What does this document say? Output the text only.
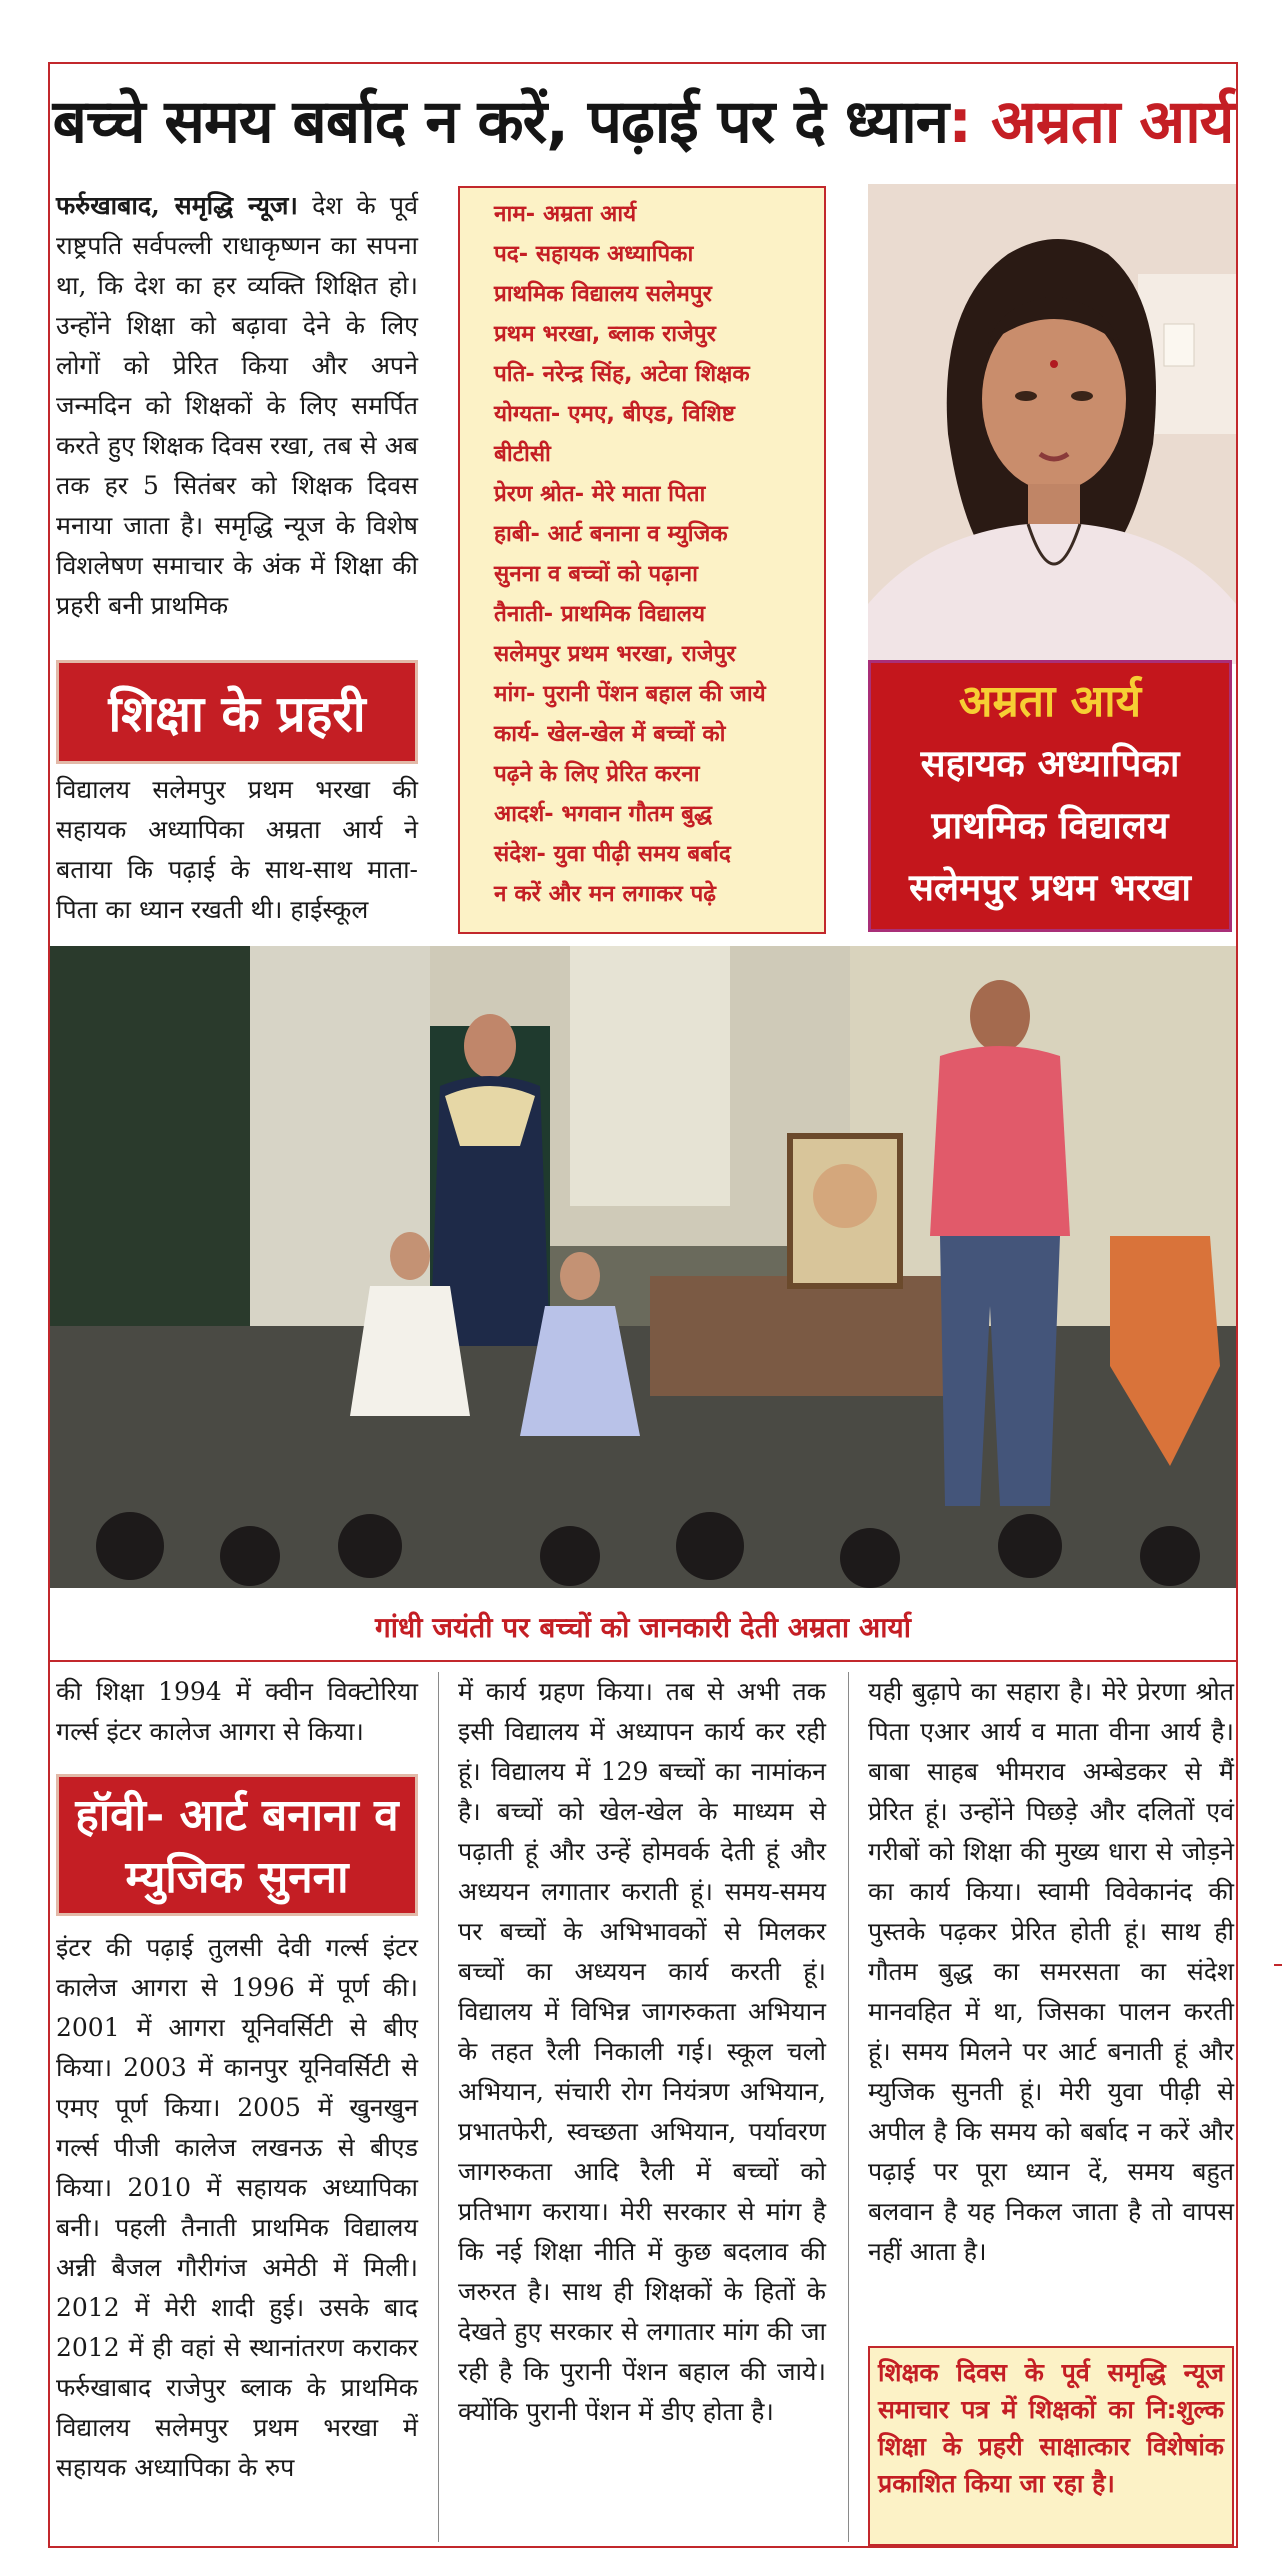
बच्चे समय बर्बाद न करें, पढ़ाई पर दे ध्यान: अम्रता आर्य

फर्रुखाबाद, समृद्धि न्यूज। देश के पूर्व राष्ट्रपति सर्वपल्ली राधाकृष्णन का सपना था, कि देश का हर व्यक्ति शिक्षित हो। उन्होंने शिक्षा को बढ़ावा देने के लिए लोगों को प्रेरित किया और अपने जन्मदिन को शिक्षकों के लिए समर्पित करते हुए शिक्षक दिवस रखा, तब से अब तक हर 5 सितंबर को शिक्षक दिवस मनाया जाता है। समृद्धि न्यूज के विशेष विशलेषण समाचार के अंक में शिक्षा की प्रहरी बनी प्राथमिक

शिक्षा के प्रहरी

विद्यालय सलेमपुर प्रथम भरखा की सहायक अध्यापिका अम्रता आर्य ने बताया कि पढ़ाई के साथ-साथ माता-पिता का ध्यान रखती थी। हाईस्कूल

नाम- अम्रता आर्य
पद- सहायक अध्यापिका
प्राथमिक विद्यालय सलेमपुर
प्रथम भरखा, ब्लाक राजेपुर
पति- नरेन्द्र सिंह, अटेवा शिक्षक
योग्यता- एमए, बीएड, विशिष्ट
बीटीसी
प्रेरण श्रोत- मेरे माता पिता
हाबी- आर्ट बनाना व म्युजिक
सुनना व बच्चों को पढ़ाना
तैनाती- प्राथमिक विद्यालय
सलेमपुर प्रथम भरखा, राजेपुर
मांग- पुरानी पेंशन बहाल की जाये
कार्य- खेल-खेल में बच्चों को
पढ़ने के लिए प्रेरित करना
आदर्श- भगवान गौतम बुद्ध
संदेश- युवा पीढ़ी समय बर्बाद
न करें और मन लगाकर पढ़े
अम्रता आर्य
सहायक अध्यापिका
प्राथमिक विद्यालय
सलेमपुर प्रथम भरखा
गांधी जयंती पर बच्चों को जानकारी देती अम्रता आर्या

की शिक्षा 1994 में क्वीन विक्टोरिया गर्ल्स इंटर कालेज आगरा से किया।

हॉवी- आर्ट बनाना व
म्युजिक सुनना

इंटर की पढ़ाई तुलसी देवी गर्ल्स इंटर कालेज आगरा से 1996 में पूर्ण की। 2001 में आगरा यूनिवर्सिटी से बीए किया। 2003 में कानपुर यूनिवर्सिटी से एमए पूर्ण किया। 2005 में खुनखुन गर्ल्स पीजी कालेज लखनऊ से बीएड किया। 2010 में सहायक अध्यापिका बनी। पहली तैनाती प्राथमिक विद्यालय अन्नी बैजल गौरीगंज अमेठी में मिली। 2012 में मेरी शादी हुई। उसके बाद 2012 में ही वहां से स्थानांतरण कराकर फर्रुखाबाद राजेपुर ब्लाक के प्राथमिक विद्यालय सलेमपुर प्रथम भरखा में सहायक अध्यापिका के रुप

में कार्य ग्रहण किया। तब से अभी तक इसी विद्यालय में अध्यापन कार्य कर रही हूं। विद्यालय में 129 बच्चों का नामांकन है। बच्चों को खेल-खेल के माध्यम से पढ़ाती हूं और उन्हें होमवर्क देती हूं और अध्ययन लगातार कराती हूं। समय-समय पर बच्चों के अभिभावकों से मिलकर बच्चों का अध्ययन कार्य करती हूं। विद्यालय में विभिन्न जागरुकता अभियान के तहत रैली निकाली गई। स्कूल चलो अभियान, संचारी रोग नियंत्रण अभियान, प्रभातफेरी, स्वच्छता अभियान, पर्यावरण जागरुकता आदि रैली में बच्चों को प्रतिभाग कराया। मेरी सरकार से मांग है कि नई शिक्षा नीति में कुछ बदलाव की जरुरत है। साथ ही शिक्षकों के हितों के देखते हुए सरकार से लगातार मांग की जा रही है कि पुरानी पेंशन बहाल की जाये। क्योंकि पुरानी पेंशन में डीए होता है।

यही बुढ़ापे का सहारा है। मेरे प्रेरणा श्रोत पिता एआर आर्य व माता वीना आर्य है। बाबा साहब भीमराव अम्बेडकर से मैं प्रेरित हूं। उन्होंने पिछड़े और दलितों एवं गरीबों को शिक्षा की मुख्य धारा से जोड़ने का कार्य किया। स्वामी विवेकानंद की पुस्तके पढ़कर प्रेरित होती हूं। साथ ही गौतम बुद्ध का समरसता का संदेश मानवहित में था, जिसका पालन करती हूं। समय मिलने पर आर्ट बनाती हूं और म्युजिक सुनती हूं। मेरी युवा पीढ़ी से अपील है कि समय को बर्बाद न करें और पढ़ाई पर पूरा ध्यान दें, समय बहुत बलवान है यह निकल जाता है तो वापस नहीं आता है।

शिक्षक दिवस के पूर्व समृद्धि न्यूज समाचार पत्र में शिक्षकों का नि:शुल्क शिक्षा के प्रहरी साक्षात्कार विशेषांक प्रकाशित किया जा रहा है।
